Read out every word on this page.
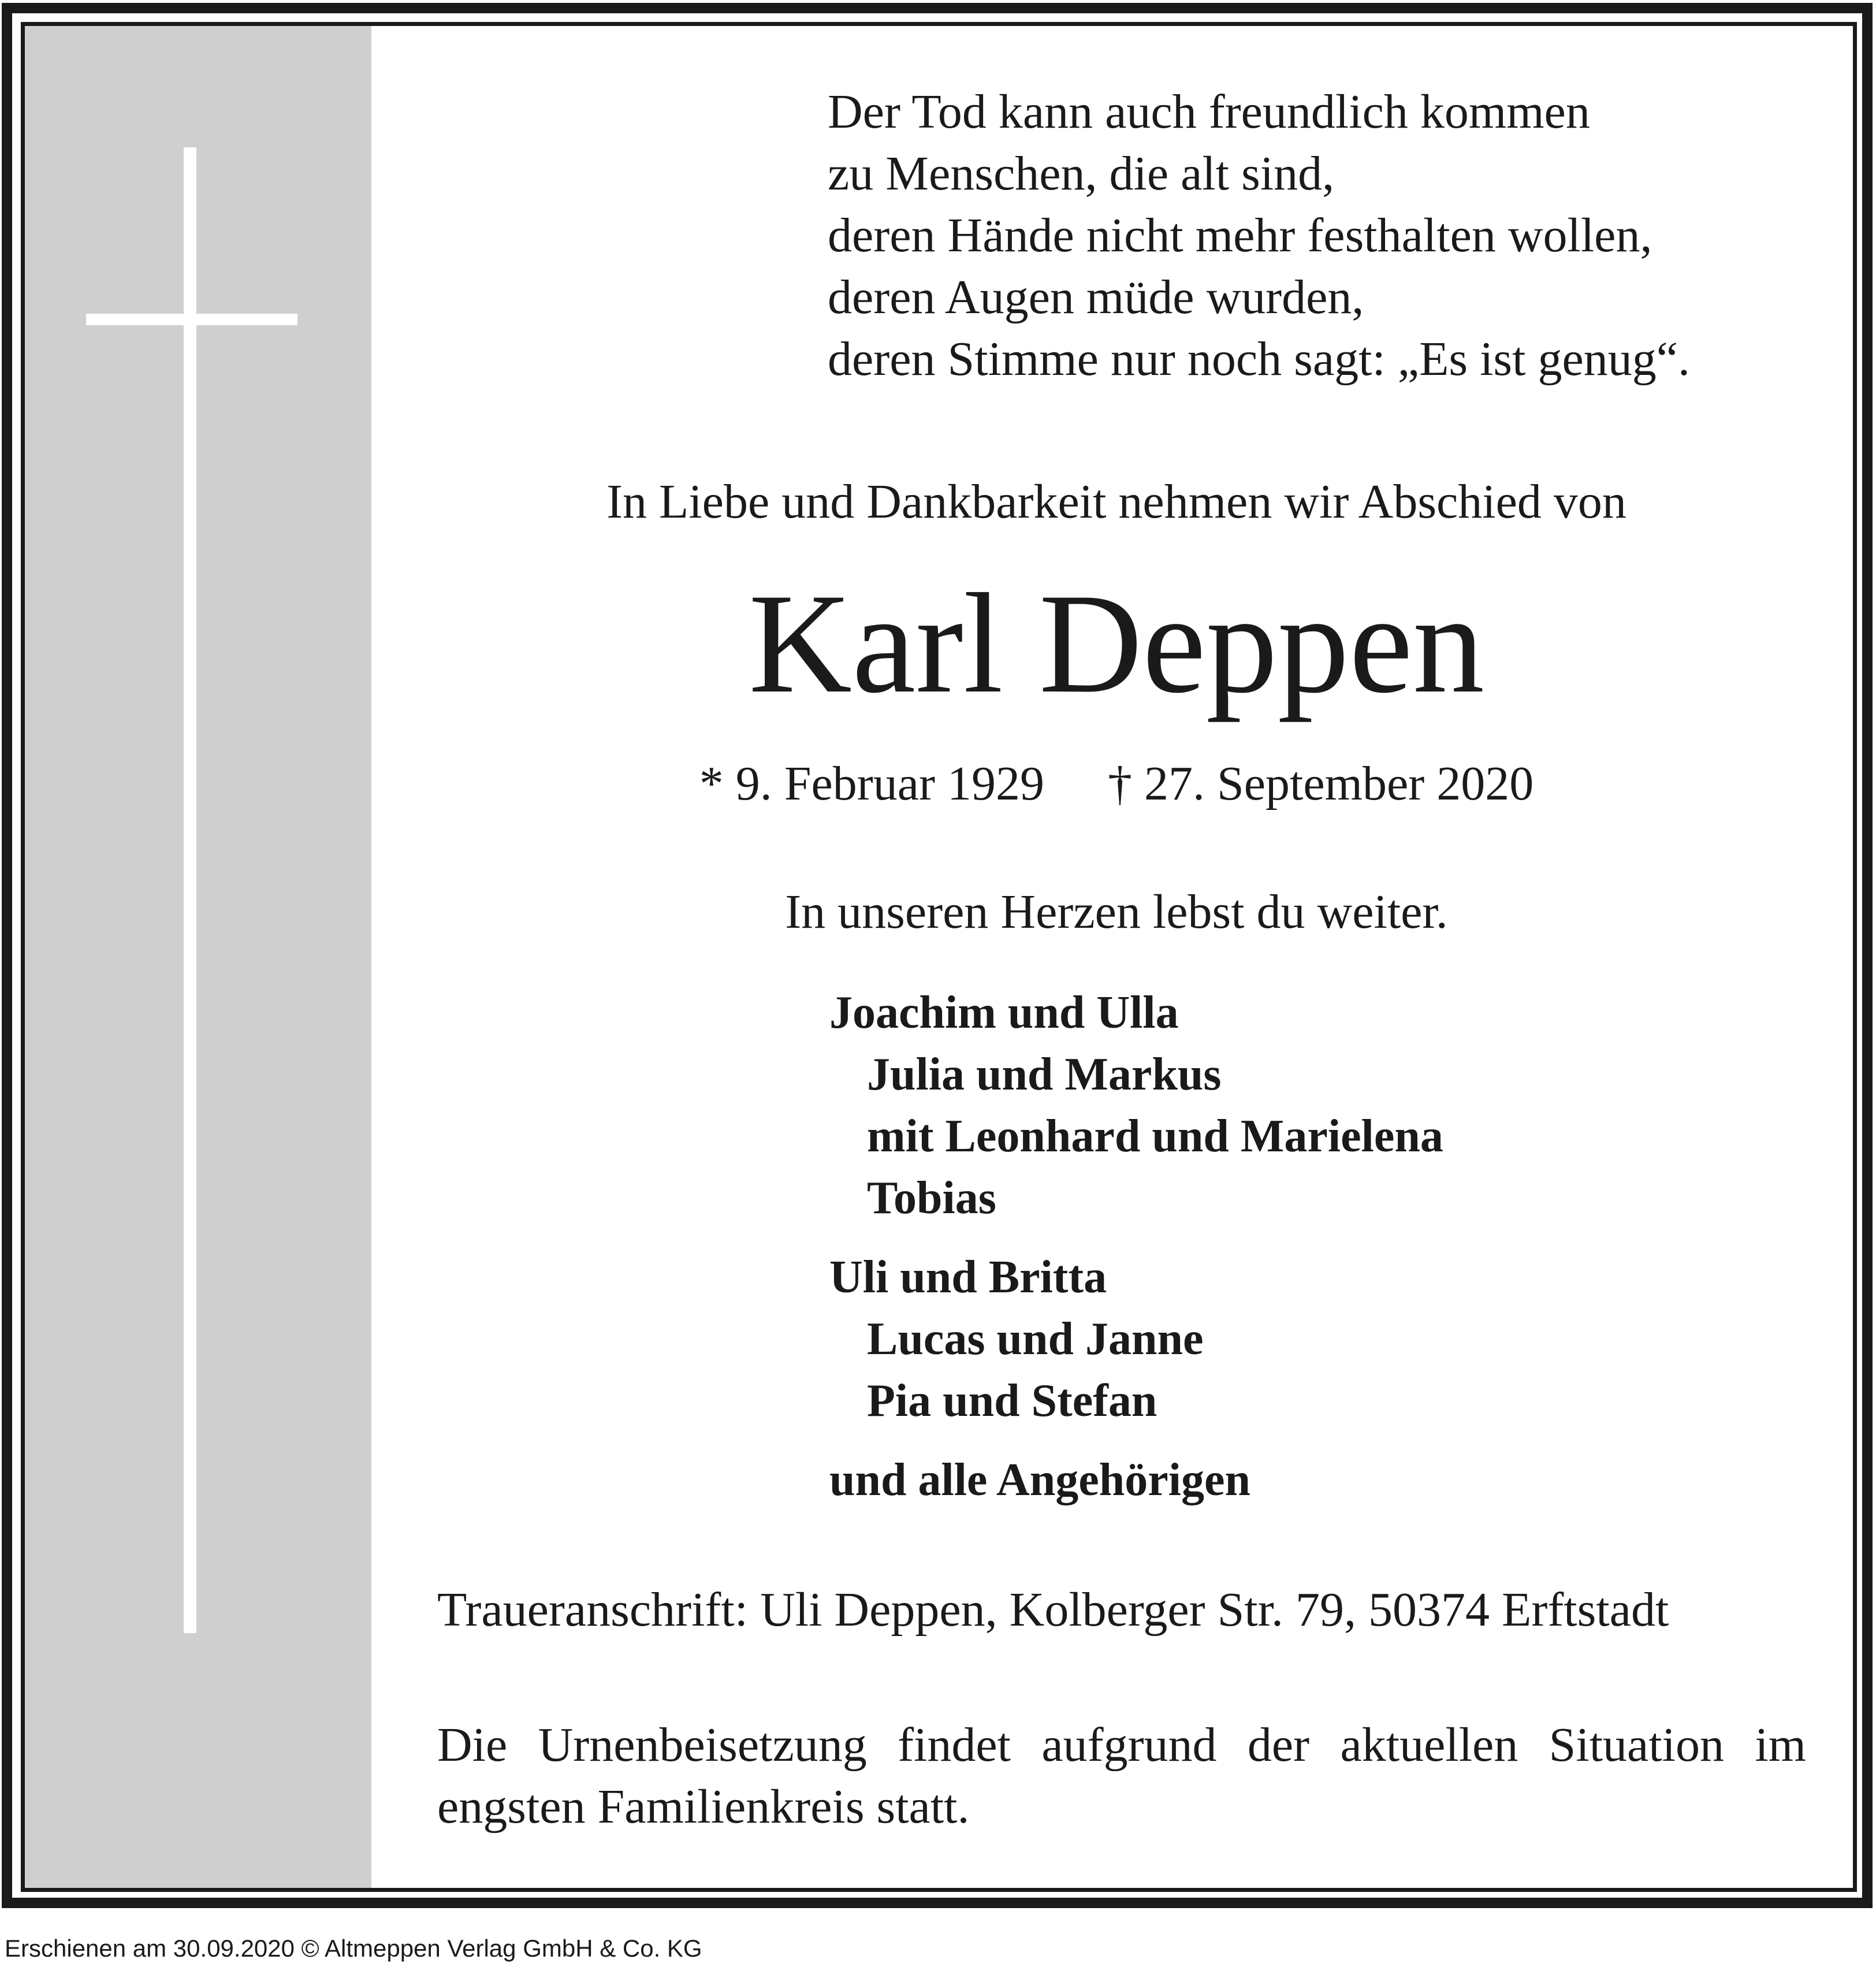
Der Tod kann auch freundlich kommen
zu Menschen, die alt sind,
deren Hände nicht mehr festhalten wollen,
deren Augen müde wurden,
deren Stimme nur noch sagt: „Es ist genug“.
In Liebe und Dankbarkeit nehmen wir Abschied von
Karl Deppen
* 9. Februar 1929 † 27. September 2020
In unseren Herzen lebst du weiter.
Joachim und Ulla
Julia und Markus
mit Leonhard und Marielena
Tobias
Uli und Britta
Lucas und Janne
Pia und Stefan
und alle Angehörigen
Traueranschrift: Uli Deppen, Kolberger Str. 79, 50374 Erftstadt
Die Urnenbeisetzung findet aufgrund der aktuellen Situation im engsten Familienkreis statt.
Erschienen am 30.09.2020 © Altmeppen Verlag GmbH & Co. KG
